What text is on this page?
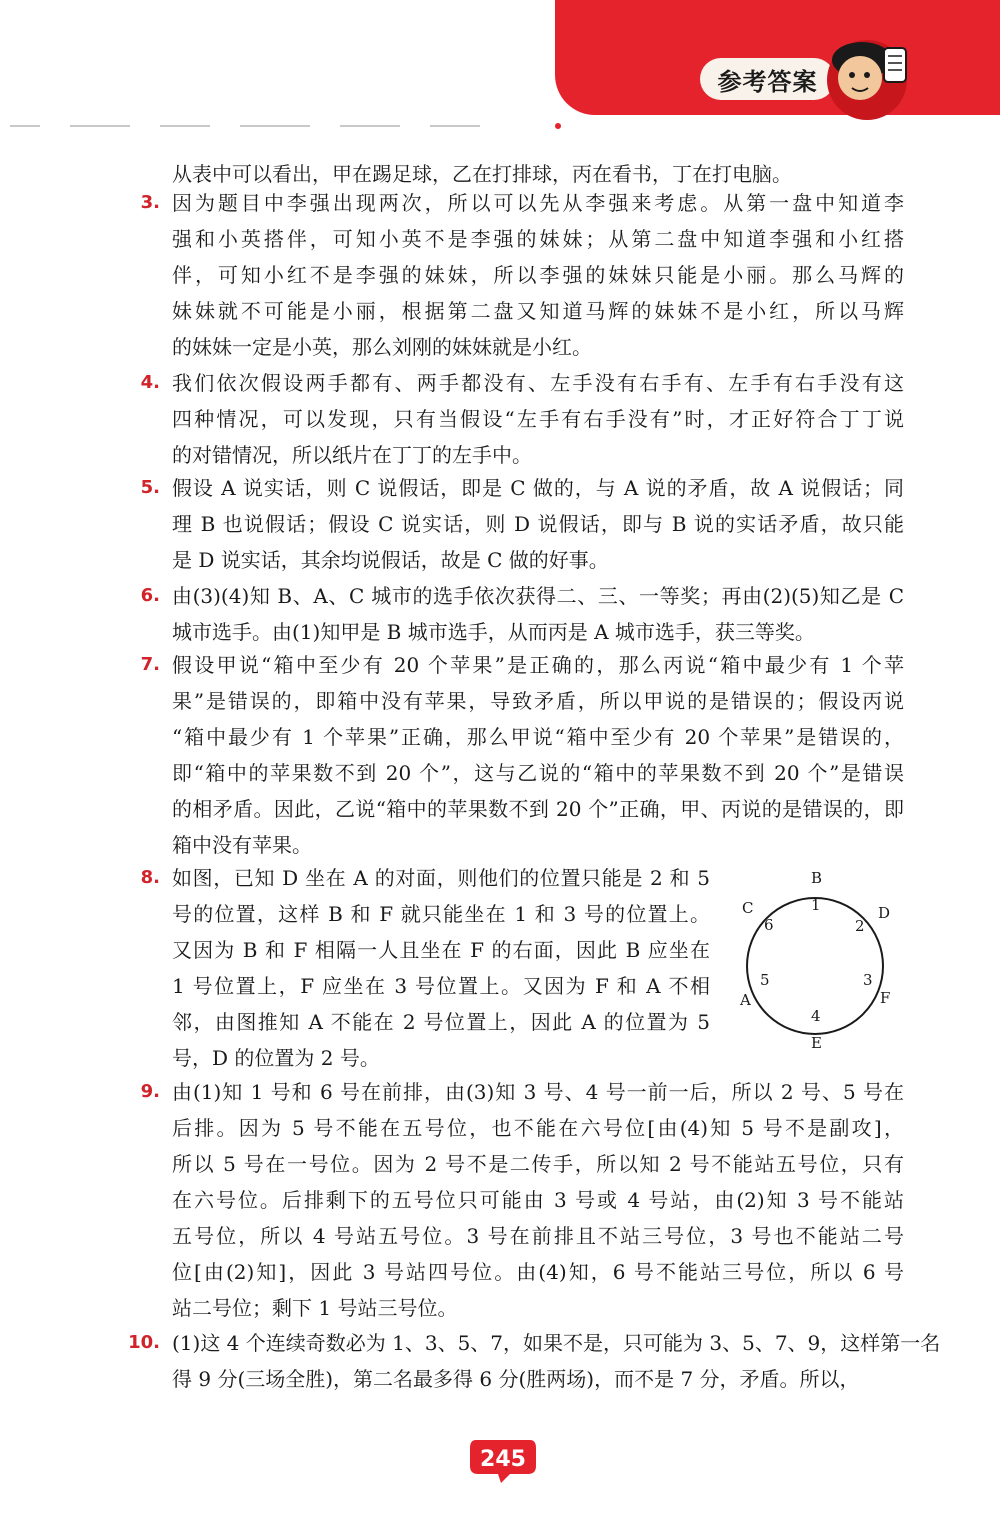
参考答案
从表中可以看出，甲在踢足球，乙在打排球，丙在看书，丁在打电脑。
3. 因为题目中李强出现两次，所以可以先从李强来考虑。从第一盘中知道李
强和小英搭伴，可知小英不是李强的妹妹；从第二盘中知道李强和小红搭
伴，可知小红不是李强的妹妹，所以李强的妹妹只能是小丽。那么马辉的
妹妹就不可能是小丽，根据第二盘又知道马辉的妹妹不是小红，所以马辉
的妹妹一定是小英，那么刘刚的妹妹就是小红。
4. 我们依次假设两手都有、两手都没有、左手没有右手有、左手有右手没有这
四种情况，可以发现，只有当假设“左手有右手没有”时，才正好符合丁丁说
的对错情况，所以纸片在丁丁的左手中。
5. 假设 A 说实话，则 C 说假话，即是 C 做的，与 A 说的矛盾，故 A 说假话；同
理 B 也说假话；假设 C 说实话，则 D 说假话，即与 B 说的实话矛盾，故只能
是 D 说实话，其余均说假话，故是 C 做的好事。
6. 由(3)(4)知 B、A、C 城市的选手依次获得二、三、一等奖；再由(2)(5)知乙是 C
城市选手。由(1)知甲是 B 城市选手，从而丙是 A 城市选手，获三等奖。
7. 假设甲说“箱中至少有 20 个苹果”是正确的，那么丙说“箱中最少有 1 个苹
果”是错误的，即箱中没有苹果，导致矛盾，所以甲说的是错误的；假设丙说
“箱中最少有 1 个苹果”正确，那么甲说“箱中至少有 20 个苹果”是错误的，
即“箱中的苹果数不到 20 个”，这与乙说的“箱中的苹果数不到 20 个”是错误
的相矛盾。因此，乙说“箱中的苹果数不到 20 个”正确，甲、丙说的是错误的，即
箱中没有苹果。
8. 如图，已知 D 坐在 A 的对面，则他们的位置只能是 2 和 5
号的位置，这样 B 和 F 就只能坐在 1 和 3 号的位置上。
又因为 B 和 F 相隔一人且坐在 F 的右面，因此 B 应坐在
1 号位置上，F 应坐在 3 号位置上。又因为 F 和 A 不相
邻，由图推知 A 不能在 2 号位置上，因此 A 的位置为 5
号，D 的位置为 2 号。
9. 由(1)知 1 号和 6 号在前排，由(3)知 3 号、4 号一前一后，所以 2 号、5 号在
后排。因为 5 号不能在五号位，也不能在六号位[由(4)知 5 号不是副攻]，
所以 5 号在一号位。因为 2 号不是二传手，所以知 2 号不能站五号位，只有
在六号位。后排剩下的五号位只可能由 3 号或 4 号站，由(2)知 3 号不能站
五号位，所以 4 号站五号位。3 号在前排且不站三号位，3 号也不能站二号
位[由(2)知]，因此 3 号站四号位。由(4)知，6 号不能站三号位，所以 6 号
站二号位；剩下 1 号站三号位。
10. (1)这 4 个连续奇数必为 1、3、5、7，如果不是，只可能为 3、5、7、9，这样第一名
得 9 分(三场全胜)，第二名最多得 6 分(胜两场)，而不是 7 分，矛盾。所以，
B
C	D
A	F
E
1
2
3
4
5
6
245
